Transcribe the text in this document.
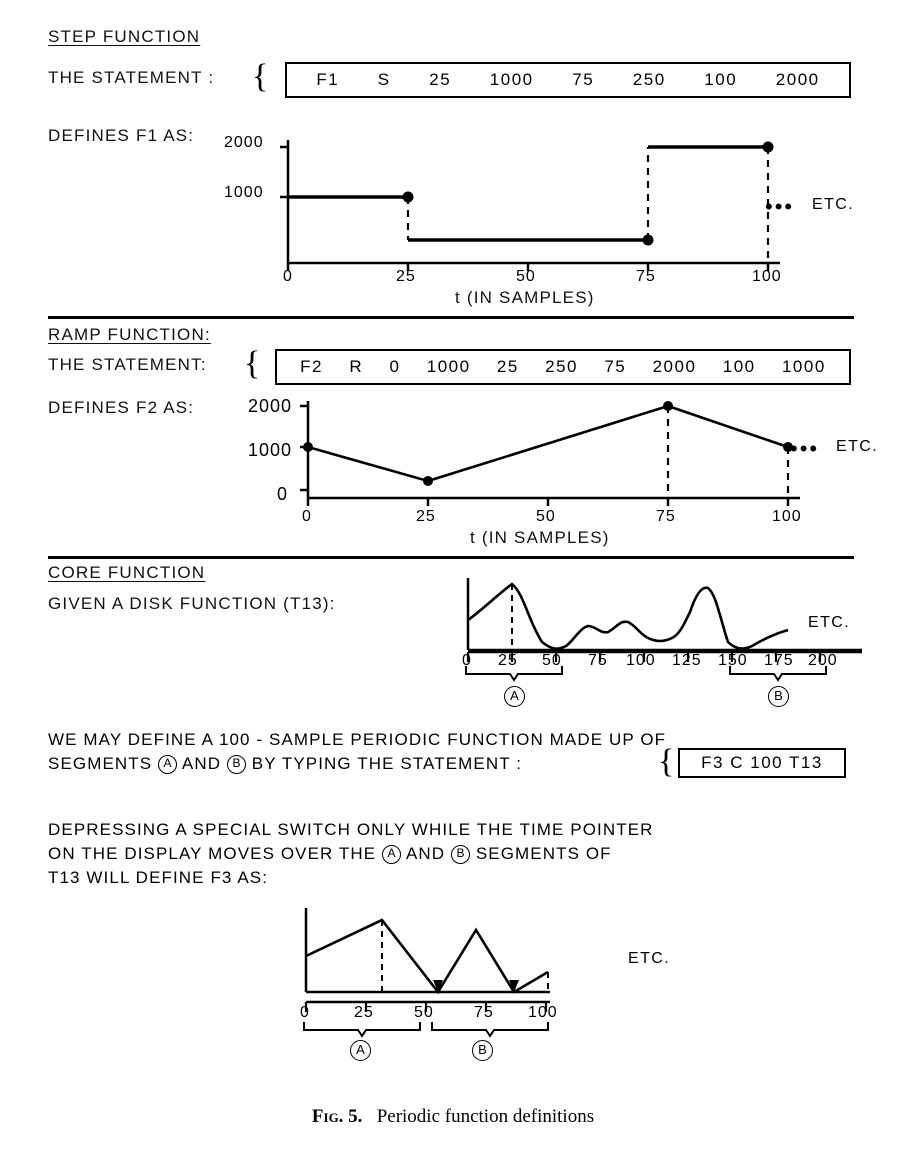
STEP FUNCTION
THE STATEMENT : {	F1 S 25 1000 75 250 100 2000
DEFINES F1 AS: 2000
1000
0	25	50	75	100
••• ETC.
t (IN SAMPLES)
RAMP FUNCTION:
THE STATEMENT: { F2 R 0 1000 25 250 75 2000 100 1000
DEFINES F2 AS:	2000
1000
0
0	25	50	75	100
••• ETC.
t (IN SAMPLES)
CORE FUNCTION
GIVEN A DISK FUNCTION (T13):
ETC.
0 25 50 75 100 125 150 175 200
A	B
WE MAY DEFINE A 100 - SAMPLE PERIODIC FUNCTION MADE UP OF
SEGMENTS A AND B BY TYPING THE STATEMENT :	{ F3 C 100 T13
DEPRESSING A SPECIAL SWITCH ONLY WHILE THE TIME POINTER
ON THE DISPLAY MOVES OVER THE A AND B SEGMENTS OF
T13 WILL DEFINE F3 AS:
0	25	50	75 100
A	B
ETC.
Fig. 5. Periodic function definitions
